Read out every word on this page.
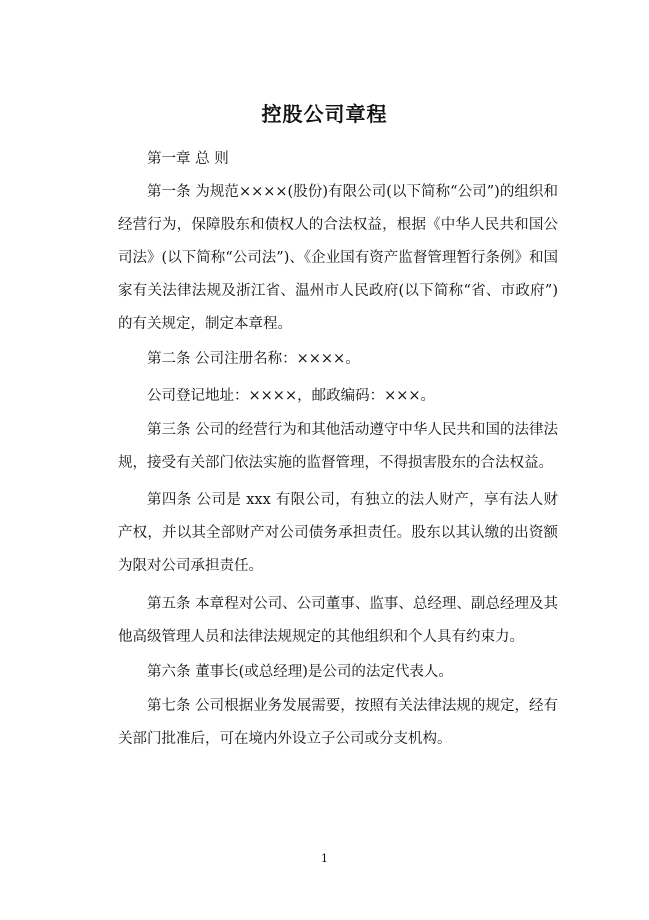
控股公司章程

第一章 总 则

第一条 为规范××××(股份)有限公司(以下简称“公司”)的组织和经营行为，保障股东和债权人的合法权益，根据《中华人民共和国公司法》(以下简称“公司法”)、《企业国有资产监督管理暂行条例》和国家有关法律法规及浙江省、温州市人民政府(以下简称“省、市政府”)的有关规定，制定本章程。

第二条 公司注册名称：××××。

公司登记地址：××××，邮政编码：×××。

第三条 公司的经营行为和其他活动遵守中华人民共和国的法律法规，接受有关部门依法实施的监督管理，不得损害股东的合法权益。

第四条 公司是 xxx 有限公司，有独立的法人财产，享有法人财产权，并以其全部财产对公司债务承担责任。股东以其认缴的出资额为限对公司承担责任。

第五条 本章程对公司、公司董事、监事、总经理、副总经理及其他高级管理人员和法律法规规定的其他组织和个人具有约束力。

第六条 董事长(或总经理)是公司的法定代表人。

第七条 公司根据业务发展需要，按照有关法律法规的规定，经有关部门批准后，可在境内外设立子公司或分支机构。

1
